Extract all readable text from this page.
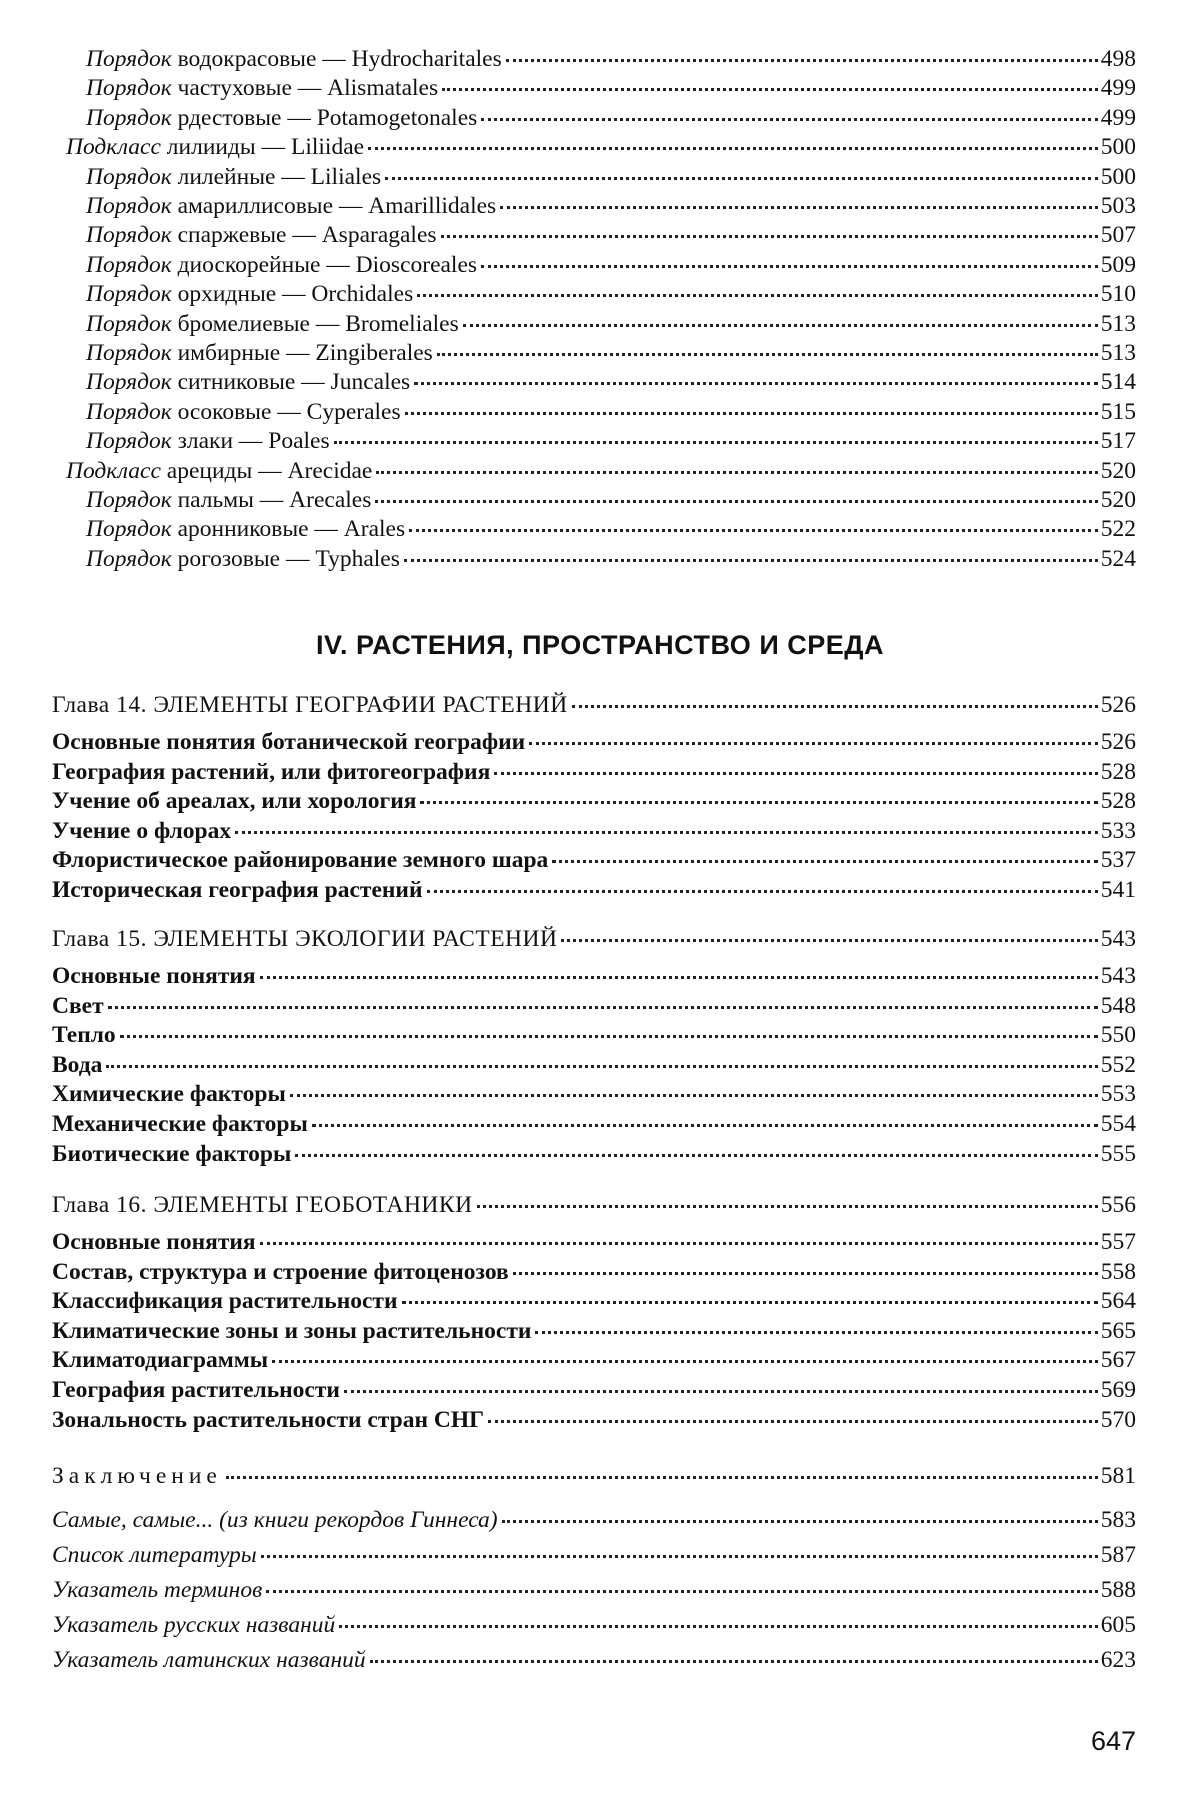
Порядок водокрасовые — Hydrocharitales	498
Порядок частуховые — Alismatales	499
Порядок рдестовые — Potamogetonales	499
Подкласс лилииды — Liliidae	500
Порядок лилейные — Liliales	500
Порядок амариллисовые — Amarillidales	503
Порядок спаржевые — Asparagales	507
Порядок диоскорейные — Dioscoreales	509
Порядок орхидные — Orchidales	510
Порядок бромелиевые — Bromeliales	513
Порядок имбирные — Zingiberales	513
Порядок ситниковые — Juncales	514
Порядок осоковые — Cyperales	515
Порядок злаки — Poales	517
Подкласс арециды — Arecidae	520
Порядок пальмы — Arecales	520
Порядок аронниковые — Arales	522
Порядок рогозовые — Typhales	524
Глава 14. ЭЛЕМЕНТЫ ГЕОГРАФИИ РАСТЕНИЙ	526
Основные понятия ботанической географии	526
География растений, или фитогеография	528
Учение об ареалах, или хорология	528
Учение о флорах	533
Флористическое районирование земного шара	537
Историческая география растений	541
Глава 15. ЭЛЕМЕНТЫ ЭКОЛОГИИ РАСТЕНИЙ	543
Основные понятия	543
Свет	548
Тепло	550
Вода	552
Химические факторы	553
Механические факторы	554
Биотические факторы	555
Глава 16. ЭЛЕМЕНТЫ ГЕОБОТАНИКИ	556
Основные понятия	557
Состав, структура и строение фитоценозов	558
Классификация растительности	564
Климатические зоны и зоны растительности	565
Климатодиаграммы	567
География растительности	569
Зональность растительности стран СНГ	570
Заключение	581
Самые, самые... (из книги рекордов Гиннеса)	583
Список литературы	587
Указатель терминов	588
Указатель русских названий	605
Указатель латинских названий	623
IV. РАСТЕНИЯ, ПРОСТРАНСТВО И СРЕДА
647
